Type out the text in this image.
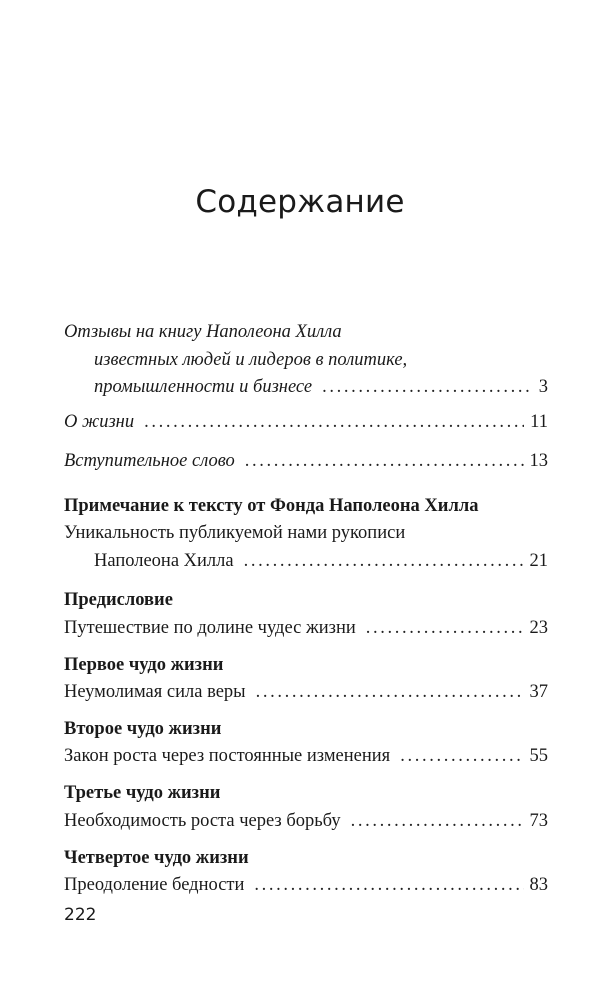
Содержание
Отзывы на книгу Наполеона Хилла
известных людей и лидеров в политике,
промышленности и бизнесе . . .	3
О жизни . . .	11
Вступительное слово . . .	13
Примечание к тексту от Фонда Наполеона Хилла
Уникальность публикуемой нами рукописи
Наполеона Хилла . . .	21
Предисловие
Путешествие по долине чудес жизни . . .	23
Первое чудо жизни
Неумолимая сила веры . . .	37
Второе чудо жизни
Закон роста через постоянные изменения . . .	55
Третье чудо жизни
Необходимость роста через борьбу . . .	73
Четвертое чудо жизни
Преодоление бедности . . .	83
222
